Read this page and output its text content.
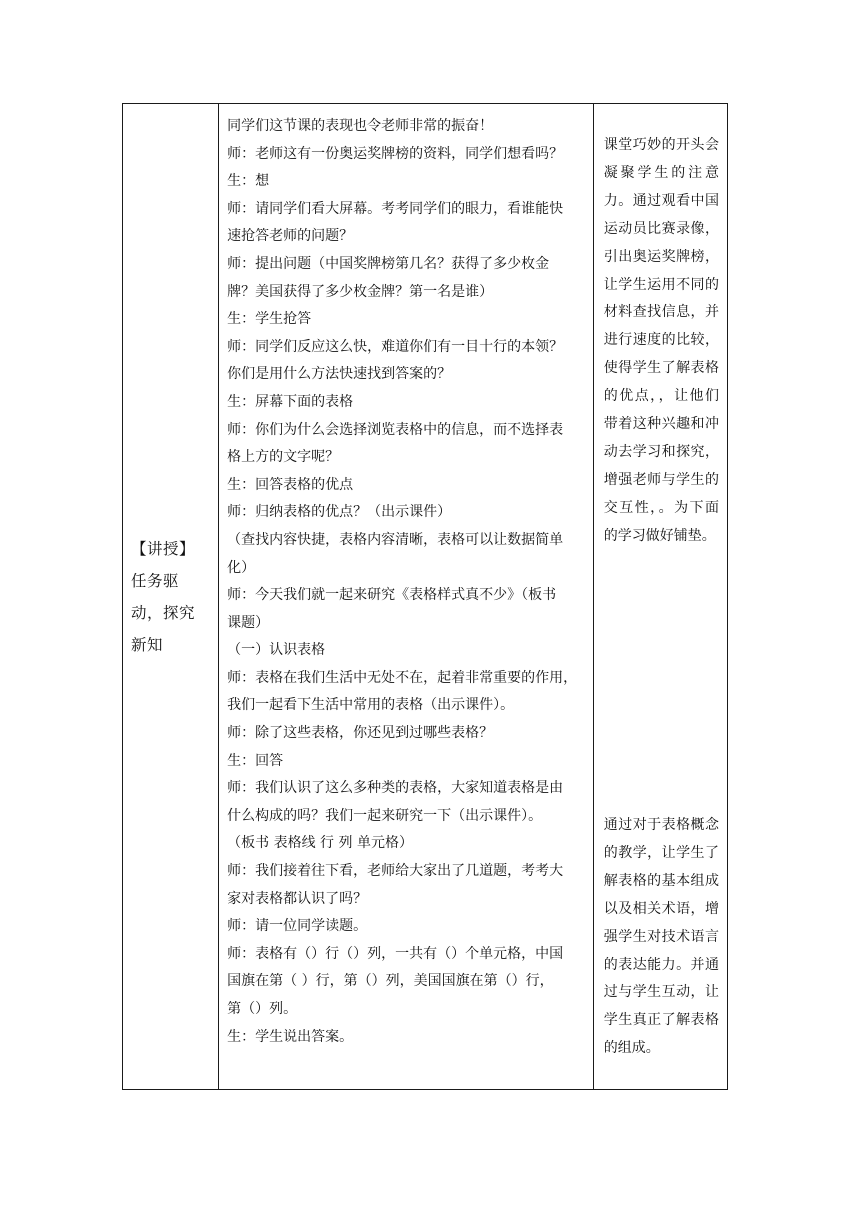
【讲授】任务驱动，探究新知

同学们这节课的表现也令老师非常的振奋！
师：老师这有一份奥运奖牌榜的资料，同学们想看吗？
生：想
师：请同学们看大屏幕。考考同学们的眼力，看谁能快
速抢答老师的问题？
师：提出问题（中国奖牌榜第几名？获得了多少枚金
牌？美国获得了多少枚金牌？第一名是谁）
生：学生抢答
师：同学们反应这么快，难道你们有一目十行的本领？
你们是用什么方法快速找到答案的？
生：屏幕下面的表格
师：你们为什么会选择浏览表格中的信息，而不选择表
格上方的文字呢？
生：回答表格的优点
师：归纳表格的优点？（出示课件）
（查找内容快捷，表格内容清晰，表格可以让数据简单
化）
师：今天我们就一起来研究《表格样式真不少》（板书
课题）
（一）认识表格
师：表格在我们生活中无处不在，起着非常重要的作用，
我们一起看下生活中常用的表格（出示课件）。
师：除了这些表格，你还见到过哪些表格？
生：回答
师：我们认识了这么多种类的表格，大家知道表格是由
什么构成的吗？我们一起来研究一下（出示课件）。
（板书 表格线 行 列 单元格）
师：我们接着往下看，老师给大家出了几道题，考考大
家对表格都认识了吗？
师：请一位同学读题。
师：表格有（）行（）列，一共有（）个单元格，中国
国旗在第（ ）行，第（）列，美国国旗在第（）行，
第（）列。
生：学生说出答案。

课堂巧妙的开头会凝聚学生的注意力。通过观看中国运动员比赛录像，引出奥运奖牌榜，让学生运用不同的材料查找信息，并进行速度的比较，使得学生了解表格的优点，，让他们带着这种兴趣和冲动去学习和探究，增强老师与学生的交互性，。为下面的学习做好铺垫。
通过对于表格概念的教学，让学生了解表格的基本组成以及相关术语，增强学生对技术语言的表达能力。并通过与学生互动，让学生真正了解表格的组成。
